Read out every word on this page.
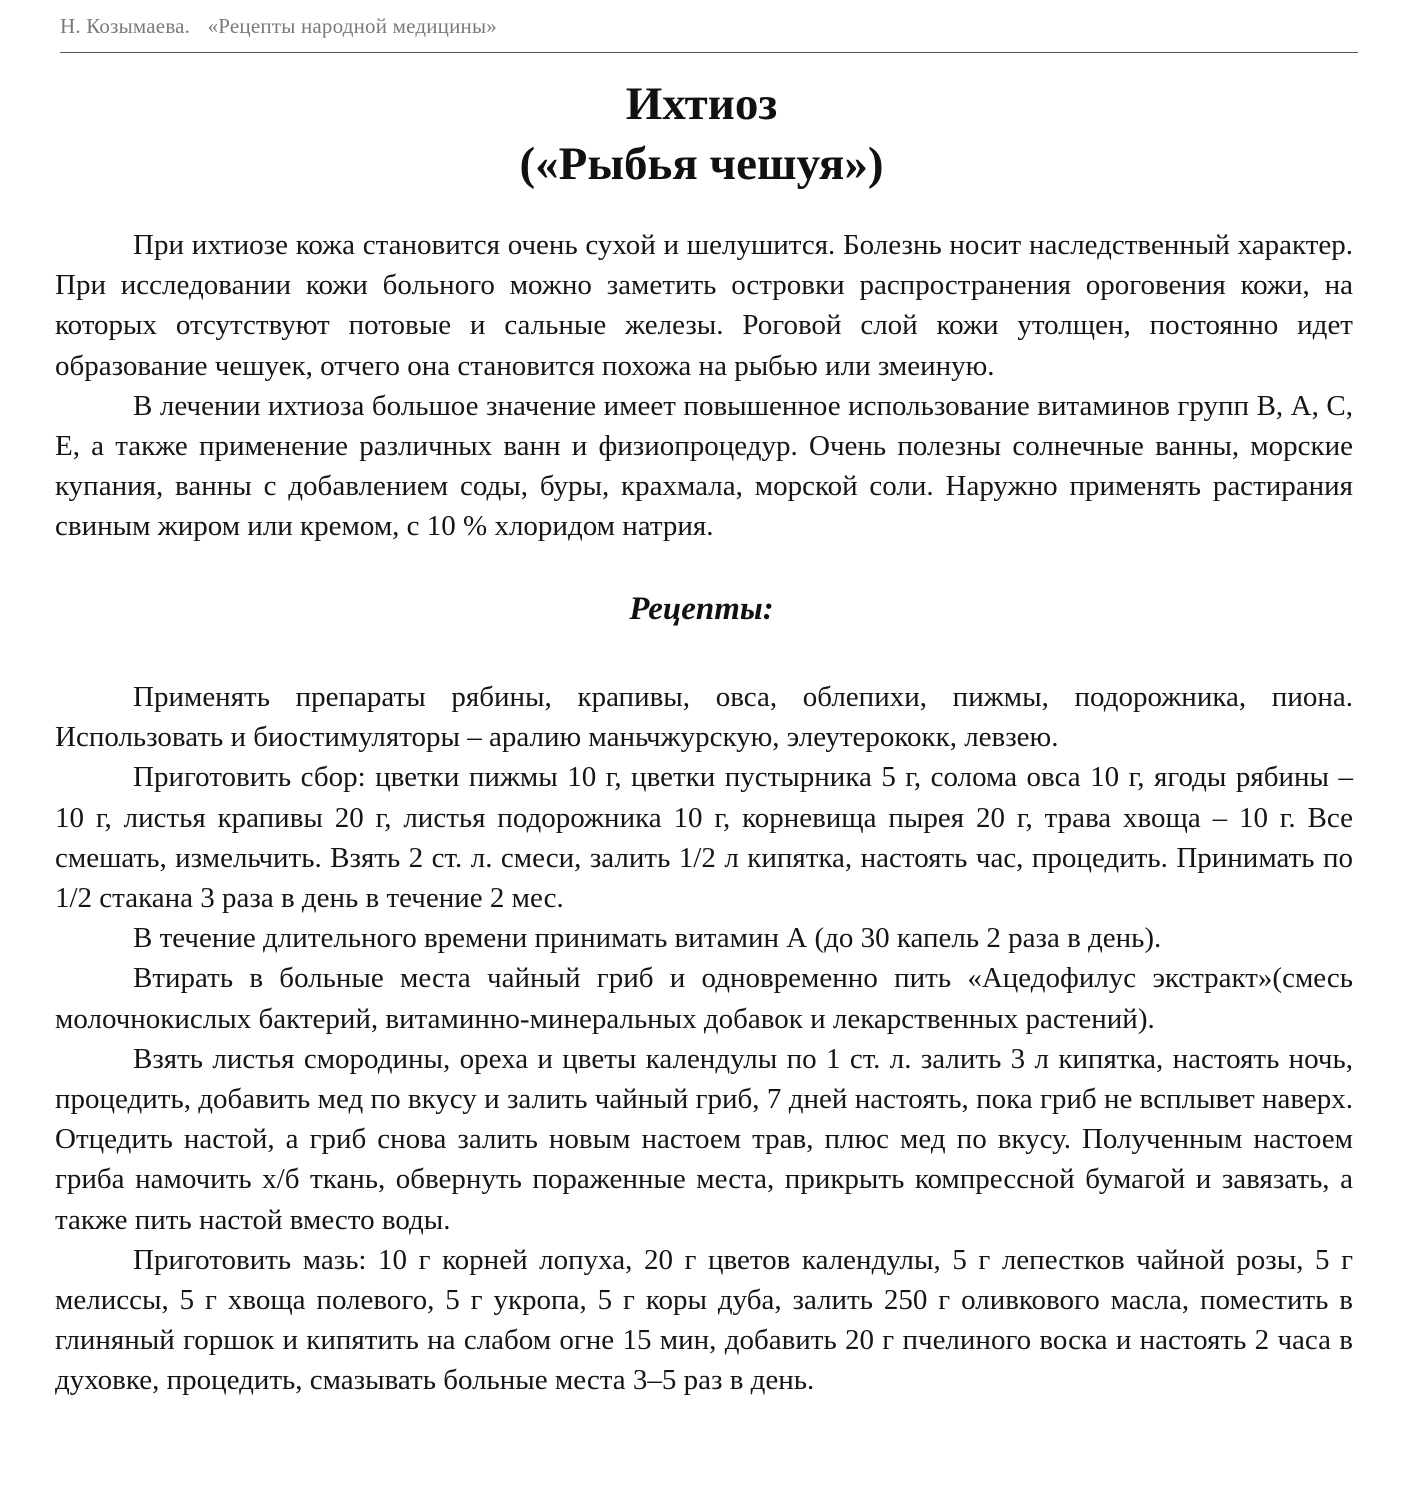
Н. Козымаева. «Рецепты народной медицины»
Ихтиоз
(«Рыбья чешуя»)

При ихтиозе кожа становится очень сухой и шелушится. Болезнь носит наследственный характер. При исследовании кожи больного можно заметить островки распространения ороговения кожи, на которых отсутствуют потовые и сальные железы. Роговой слой кожи утолщен, постоянно идет образование чешуек, отчего она становится похожа на рыбью или змеиную.

В лечении ихтиоза большое значение имеет повышенное использование витаминов групп В, А, С, Е, а также применение различных ванн и физиопроцедур. Очень полезны солнечные ванны, морские купания, ванны с добавлением соды, буры, крахмала, морской соли. Наружно применять растирания свиным жиром или кремом, с 10 % хлоридом натрия.

Рецепты:

Применять препараты рябины, крапивы, овса, облепихи, пижмы, подорожника, пиона. Использовать и биостимуляторы – аралию маньчжурскую, элеутерококк, левзею.

Приготовить сбор: цветки пижмы 10 г, цветки пустырника 5 г, солома овса 10 г, ягоды рябины – 10 г, листья крапивы 20 г, листья подорожника 10 г, корневища пырея 20 г, трава хвоща – 10 г. Все смешать, измельчить. Взять 2 ст. л. смеси, залить 1/2 л кипятка, настоять час, процедить. Принимать по 1/2 стакана 3 раза в день в течение 2 мес.

В течение длительного времени принимать витамин А (до 30 капель 2 раза в день).

Втирать в больные места чайный гриб и одновременно пить «Ацедофилус экстракт»(смесь молочнокислых бактерий, витаминно-минеральных добавок и лекарственных растений).

Взять листья смородины, ореха и цветы календулы по 1 ст. л. залить 3 л кипятка, настоять ночь, процедить, добавить мед по вкусу и залить чайный гриб, 7 дней настоять, пока гриб не всплывет наверх. Отцедить настой, а гриб снова залить новым настоем трав, плюс мед по вкусу. Полученным настоем гриба намочить х/б ткань, обвернуть пораженные места, прикрыть компрессной бумагой и завязать, а также пить настой вместо воды.

Приготовить мазь: 10 г корней лопуха, 20 г цветов календулы, 5 г лепестков чайной розы, 5 г мелиссы, 5 г хвоща полевого, 5 г укропа, 5 г коры дуба, залить 250 г оливкового масла, поместить в глиняный горшок и кипятить на слабом огне 15 мин, добавить 20 г пчелиного воска и настоять 2 часа в духовке, процедить, смазывать больные места 3–5 раз в день.
